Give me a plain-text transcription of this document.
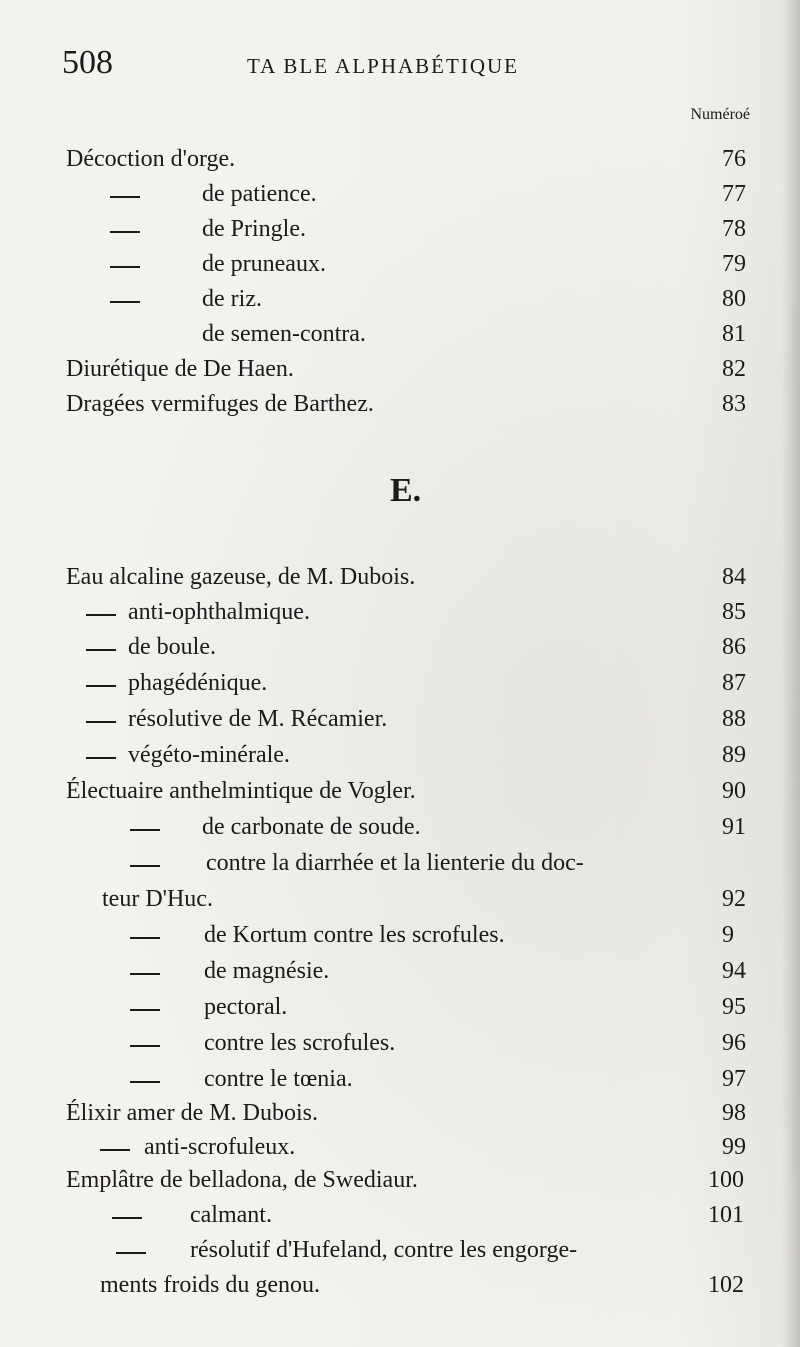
508	TA BLE ALPHABÉTIQUE
Numéroé
Décoction d'orge.	76
de patience.	77
de Pringle.	78
de pruneaux.	79
de riz.	80
de semen-contra.	81
Diurétique de De Haen.	82
Dragées vermifuges de Barthez.	83
E.
Eau alcaline gazeuse, de M. Dubois.	84
anti-ophthalmique.	85
de boule.	86
phagédénique.	87
résolutive de M. Récamier.	88
végéto-minérale.	89
Électuaire anthelmintique de Vogler.	90
de carbonate de soude.	91
contre la diarrhée et la lienterie du doc-
teur D'Huc.	92
de Kortum contre les scrofules.	9
de magnésie.	94
pectoral.	95
contre les scrofules.	96
contre le tœnia.	97
Élixir amer de M. Dubois.	98
anti-scrofuleux.	99
Emplâtre de belladona, de Swediaur.	100
calmant.	101
résolutif d'Hufeland, contre les engorge-
ments froids du genou.	102
